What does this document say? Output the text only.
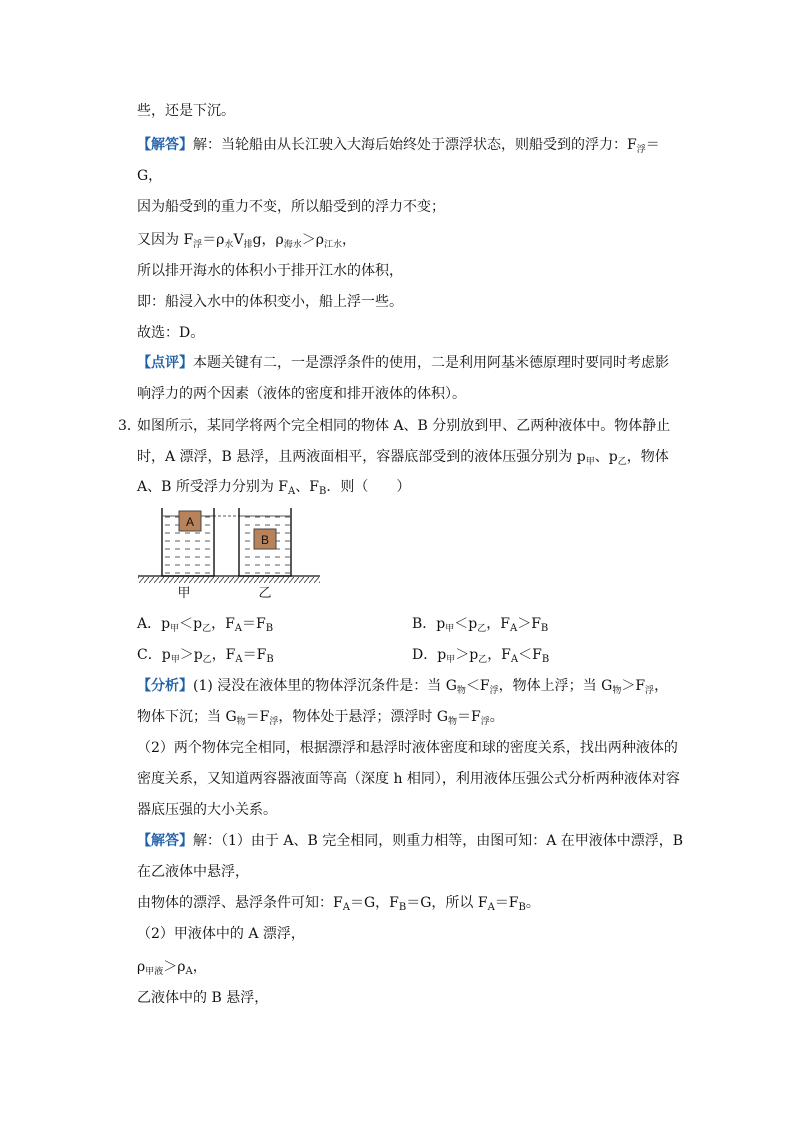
些，还是下沉。
【解答】解：当轮船由从长江驶入大海后始终处于漂浮状态，则船受到的浮力：$F_浮=$
G，
因为船受到的重力不变，所以船受到的浮力不变；
又因为 $F_浮=\rho_水V_排g$，$\rho_{海水}>\rho_{江水}$，
所以排开海水的体积小于排开江水的体积，
即：船浸入水中的体积变小，船上浮一些。
故选：D。
【点评】本题关键有二，一是漂浮条件的使用，二是利用阿基米德原理时要同时考虑影
响浮力的两个因素（液体的密度和排开液体的体积）。
3．
如图所示，某同学将两个完全相同的物体 A、B 分别放到甲、乙两种液体中。物体静止
时，A 漂浮，B 悬浮，且两液面相平，容器底部受到的液体压强分别为 $p_甲$、$p_乙$，物体
A、B 所受浮力分别为 $F_A$、$F_B$．则（　　）
A
B
甲	乙
A．$p_甲<p_乙$，$F_A=F_B$	B．$p_甲<p_乙$，$F_A>F_B$
C．$p_甲>p_乙$，$F_A=F_B$	D．$p_甲>p_乙$，$F_A<F_B$
【分析】(1) 浸没在液体里的物体浮沉条件是：当 $G_物<F_浮$，物体上浮；当 $G_物>F_浮$，
物体下沉；当 $G_物=F_浮$，物体处于悬浮；漂浮时 $G_物=F_浮$。
（2）两个物体完全相同，根据漂浮和悬浮时液体密度和球的密度关系，找出两种液体的
密度关系，又知道两容器液面等高（深度 h 相同），利用液体压强公式分析两种液体对容
器底压强的大小关系。
【解答】解：（1）由于 A、B 完全相同，则重力相等，由图可知：A 在甲液体中漂浮，B
在乙液体中悬浮，
由物体的漂浮、悬浮条件可知：$F_A=G$，$F_B=G$，所以 $F_A=F_B$。
（2）甲液体中的 A 漂浮，
$\rho_{甲液}>\rho_A$，
乙液体中的 B 悬浮，
